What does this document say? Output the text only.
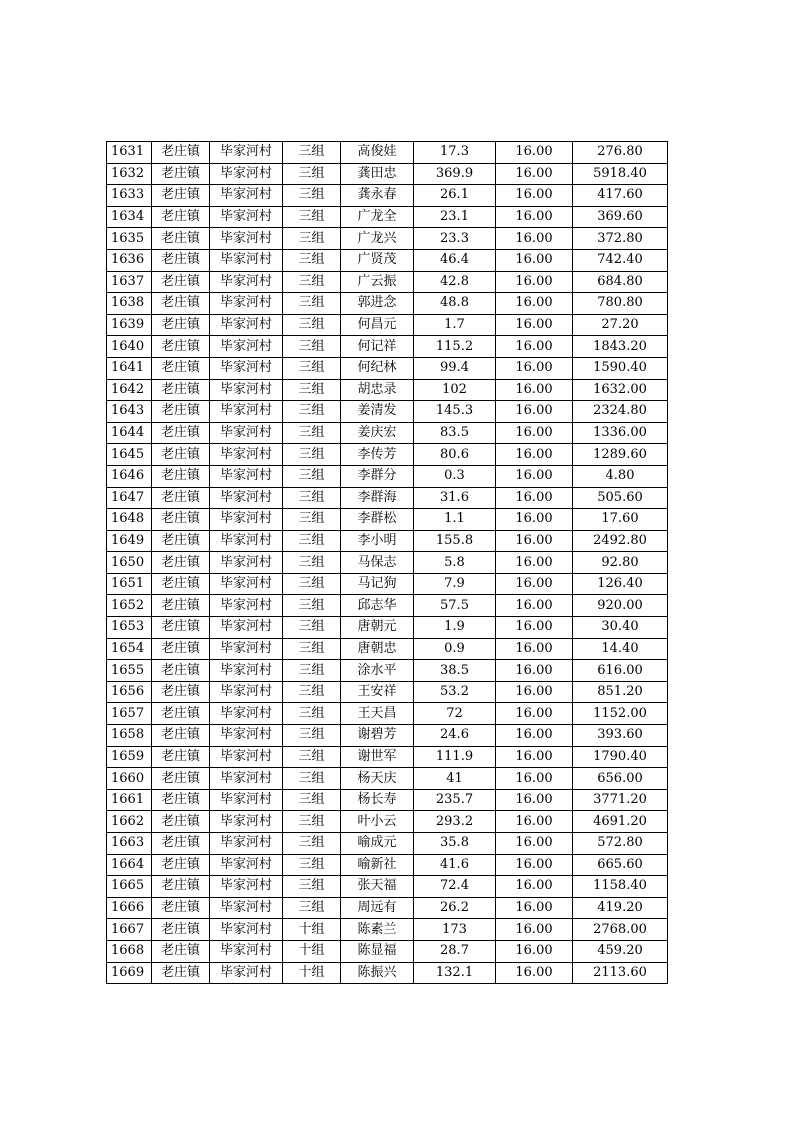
1631	老庄镇	毕家河村	三组	高俊娃	17.3	16.00	276.80
1632	老庄镇	毕家河村	三组	龚田忠	369.9	16.00	5918.40
1633	老庄镇	毕家河村	三组	龚永春	26.1	16.00	417.60
1634	老庄镇	毕家河村	三组	广龙全	23.1	16.00	369.60
1635	老庄镇	毕家河村	三组	广龙兴	23.3	16.00	372.80
1636	老庄镇	毕家河村	三组	广贤茂	46.4	16.00	742.40
1637	老庄镇	毕家河村	三组	广云振	42.8	16.00	684.80
1638	老庄镇	毕家河村	三组	郭进念	48.8	16.00	780.80
1639	老庄镇	毕家河村	三组	何昌元	1.7	16.00	27.20
1640	老庄镇	毕家河村	三组	何记祥	115.2	16.00	1843.20
1641	老庄镇	毕家河村	三组	何纪林	99.4	16.00	1590.40
1642	老庄镇	毕家河村	三组	胡忠录	102	16.00	1632.00
1643	老庄镇	毕家河村	三组	姜清发	145.3	16.00	2324.80
1644	老庄镇	毕家河村	三组	姜庆宏	83.5	16.00	1336.00
1645	老庄镇	毕家河村	三组	李传芳	80.6	16.00	1289.60
1646	老庄镇	毕家河村	三组	李群分	0.3	16.00	4.80
1647	老庄镇	毕家河村	三组	李群海	31.6	16.00	505.60
1648	老庄镇	毕家河村	三组	李群松	1.1	16.00	17.60
1649	老庄镇	毕家河村	三组	李小明	155.8	16.00	2492.80
1650	老庄镇	毕家河村	三组	马保志	5.8	16.00	92.80
1651	老庄镇	毕家河村	三组	马记狗	7.9	16.00	126.40
1652	老庄镇	毕家河村	三组	邱志华	57.5	16.00	920.00
1653	老庄镇	毕家河村	三组	唐朝元	1.9	16.00	30.40
1654	老庄镇	毕家河村	三组	唐朝忠	0.9	16.00	14.40
1655	老庄镇	毕家河村	三组	涂水平	38.5	16.00	616.00
1656	老庄镇	毕家河村	三组	王安祥	53.2	16.00	851.20
1657	老庄镇	毕家河村	三组	王天昌	72	16.00	1152.00
1658	老庄镇	毕家河村	三组	谢碧芳	24.6	16.00	393.60
1659	老庄镇	毕家河村	三组	谢世军	111.9	16.00	1790.40
1660	老庄镇	毕家河村	三组	杨天庆	41	16.00	656.00
1661	老庄镇	毕家河村	三组	杨长寿	235.7	16.00	3771.20
1662	老庄镇	毕家河村	三组	叶小云	293.2	16.00	4691.20
1663	老庄镇	毕家河村	三组	喻成元	35.8	16.00	572.80
1664	老庄镇	毕家河村	三组	喻新社	41.6	16.00	665.60
1665	老庄镇	毕家河村	三组	张天福	72.4	16.00	1158.40
1666	老庄镇	毕家河村	三组	周远有	26.2	16.00	419.20
1667	老庄镇	毕家河村	十组	陈素兰	173	16.00	2768.00
1668	老庄镇	毕家河村	十组	陈显福	28.7	16.00	459.20
1669	老庄镇	毕家河村	十组	陈振兴	132.1	16.00	2113.60
